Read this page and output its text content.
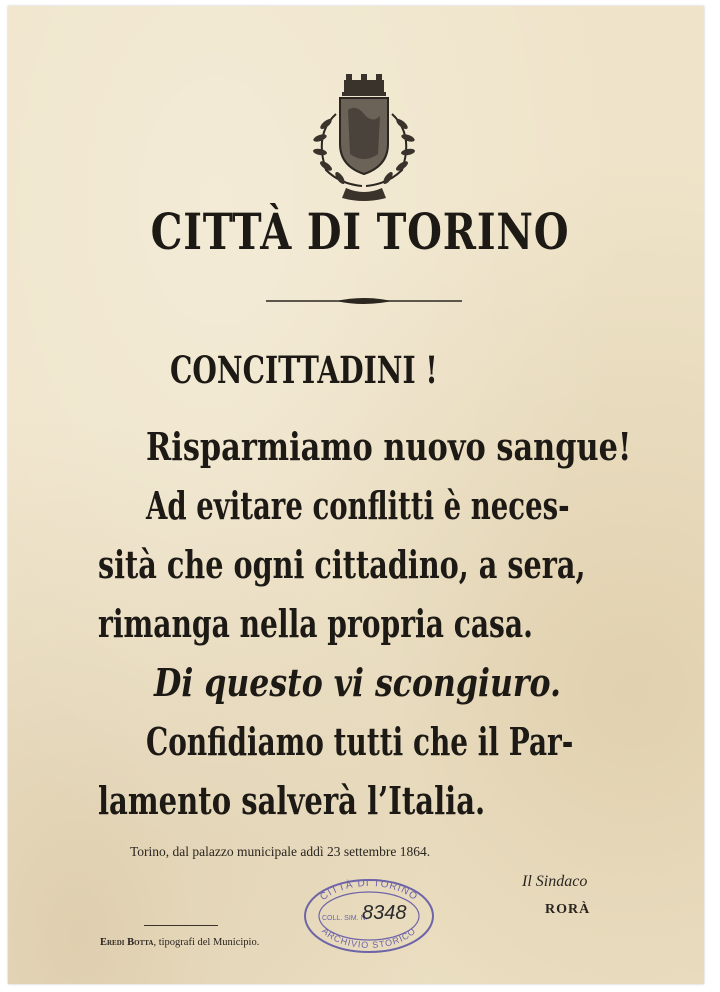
CITTÀ DI TORINO
CONCITTADINI !
Risparmiamo nuovo sangue!
Ad evitare conflitti è neces-
sità che ogni cittadino, a sera,
rimanga nella propria casa.
Di questo vi scongiuro.
Confidiamo tutti che il Par-
lamento salverà l’Italia.
Torino, dal palazzo municipale addì 23 settembre 1864.
Il Sindaco
RORÀ
Eredi Botta, tipografi del Municipio.
CITTÀ DI TORINO
ARCHIVIO STORICO
COLL. SIM. N.
8348
